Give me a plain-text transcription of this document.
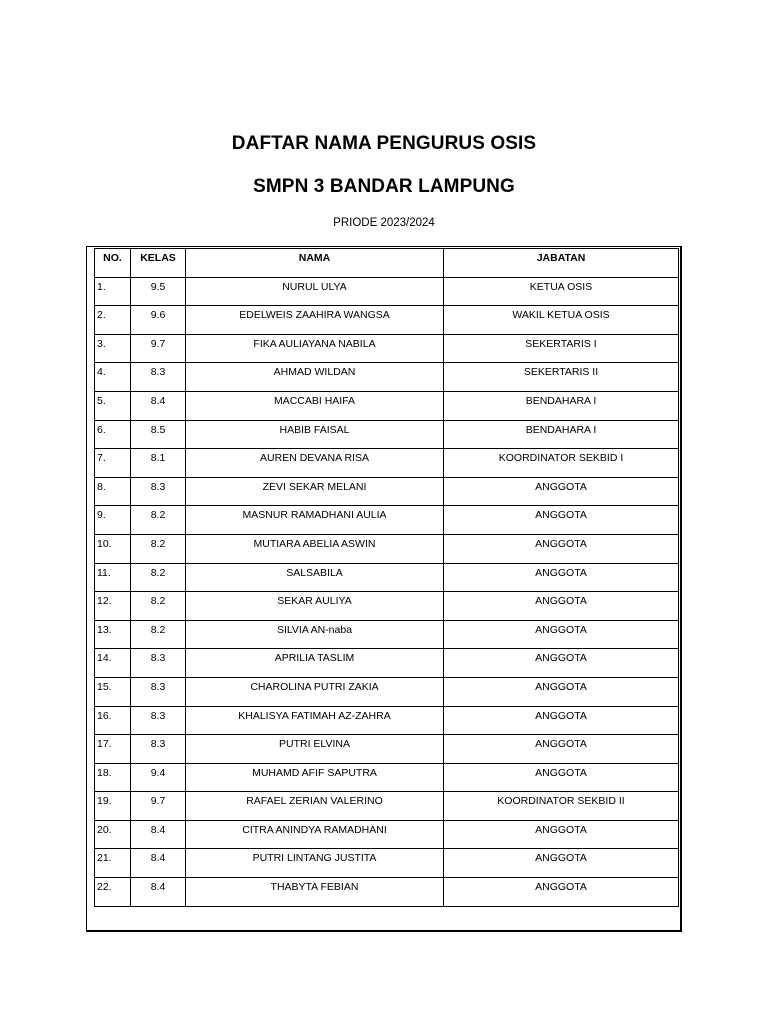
DAFTAR NAMA PENGURUS OSIS
SMPN 3 BANDAR LAMPUNG
PRIODE 2023/2024
NO.	KELAS	NAMA	JABATAN
1.	9.5	NURUL ULYA	KETUA OSIS
2.	9.6	EDELWEIS ZAAHIRA WANGSA	WAKIL KETUA OSIS
3.	9.7	FIKA AULIAYANA NABILA	SEKERTARIS I
4.	8.3	AHMAD WILDAN	SEKERTARIS II
5.	8.4	MACCABI HAIFA	BENDAHARA I
6.	8.5	HABIB FAISAL	BENDAHARA I
7.	8.1	AUREN DEVANA RISA	KOORDINATOR SEKBID I
8.	8.3	ZEVI SEKAR MELANI	ANGGOTA
9.	8.2	MASNUR RAMADHANI AULIA	ANGGOTA
10.	8.2	MUTIARA ABELIA ASWIN	ANGGOTA
11.	8.2	SALSABILA	ANGGOTA
12.	8.2	SEKAR AULIYA	ANGGOTA
13.	8.2	SILVIA AN-naba	ANGGOTA
14.	8.3	APRILIA TASLIM	ANGGOTA
15.	8.3	CHAROLINA PUTRI ZAKIA	ANGGOTA
16.	8.3	KHALISYA FATIMAH AZ-ZAHRA	ANGGOTA
17.	8.3	PUTRI ELVINA	ANGGOTA
18.	9.4	MUHAMD AFIF SAPUTRA	ANGGOTA
19.	9.7	RAFAEL ZERIAN VALERINO	KOORDINATOR SEKBID II
20.	8.4	CITRA ANINDYA RAMADHANI	ANGGOTA
21.	8.4	PUTRI LINTANG JUSTITA	ANGGOTA
22.	8.4	THABYTA FEBIAN	ANGGOTA
